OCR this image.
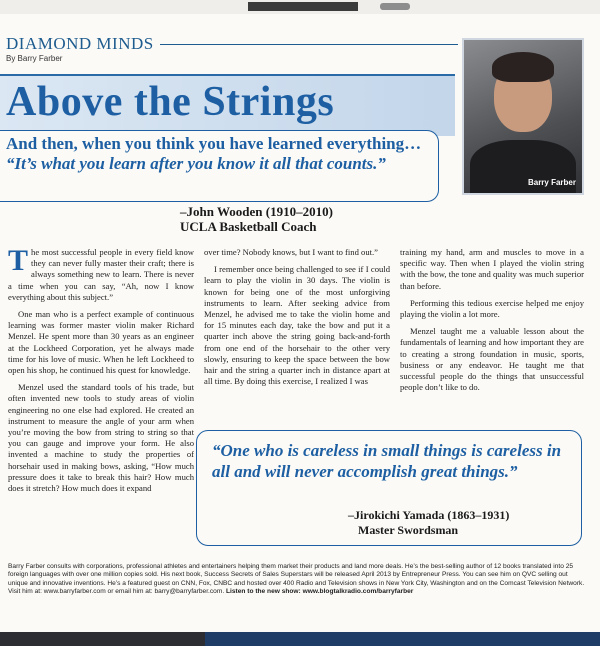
DIAMOND MINDS
By Barry Farber
Barry Farber
Above the Strings
And then, when you think you have learned everything… “It’s what you learn after you know it all that counts.”
–John Wooden (1910–2010)
UCLA Basketball Coach

The most successful people in every field know they can never fully master their craft; there is always something new to learn. There is never a time when you can say, “Ah, now I know everything about this subject.”

One man who is a perfect example of continuous learning was former master violin maker Richard Menzel. He spent more than 30 years as an engineer at the Lockheed Corporation, yet he always made time for his love of music. When he left Lockheed to open his shop, he continued his quest for knowledge.

Menzel used the standard tools of his trade, but often invented new tools to study areas of violin engineering no one else had explored. He created an instrument to measure the angle of your arm when you’re moving the bow from string to string so that you can gauge and improve your form. He also invented a machine to study the properties of horsehair used in making bows, asking, “How much pressure does it take to break this hair? How much does it stretch? How much does it expand

over time? Nobody knows, but I want to find out.”

I remember once being challenged to see if I could learn to play the violin in 30 days. The violin is known for being one of the most unforgiving instruments to learn. After seeking advice from Menzel, he advised me to take the violin home and for 15 minutes each day, take the bow and put it a quarter inch above the string going back-and-forth from one end of the horsehair to the other very slowly, ensuring to keep the space between the bow hair and the string a quarter inch in distance apart at all time. By doing this exercise, I realized I was

training my hand, arm and muscles to move in a specific way. Then when I played the violin string with the bow, the tone and quality was much superior than before.

Performing this tedious exercise helped me enjoy playing the violin a lot more.

Menzel taught me a valuable lesson about the fundamentals of learning and how important they are to creating a strong foundation in music, sports, business or any endeavor. He taught me that successful people do the things that unsuccessful people don’t like to do.

“One who is careless in small things is careless in all and will never accomplish great things.”
–Jirokichi Yamada (1863–1931)
Master Swordsman
Barry Farber consults with corporations, professional athletes and entertainers helping them market their products and land more deals. He’s the best-selling author of 12 books translated into 25 foreign languages with over one million copies sold. His next book, Success Secrets of Sales Superstars will be released April 2013 by Entrepreneur Press. You can see him on QVC selling out unique and innovative inventions. He’s a featured guest on CNN, Fox, CNBC and hosted over 400 Radio and Television shows in New York City, Washington and on the Comcast Television Network. Visit him at: www.barryfarber.com or email him at: barry@barryfarber.com. Listen to the new show: www.blogtalkradio.com/barryfarber
